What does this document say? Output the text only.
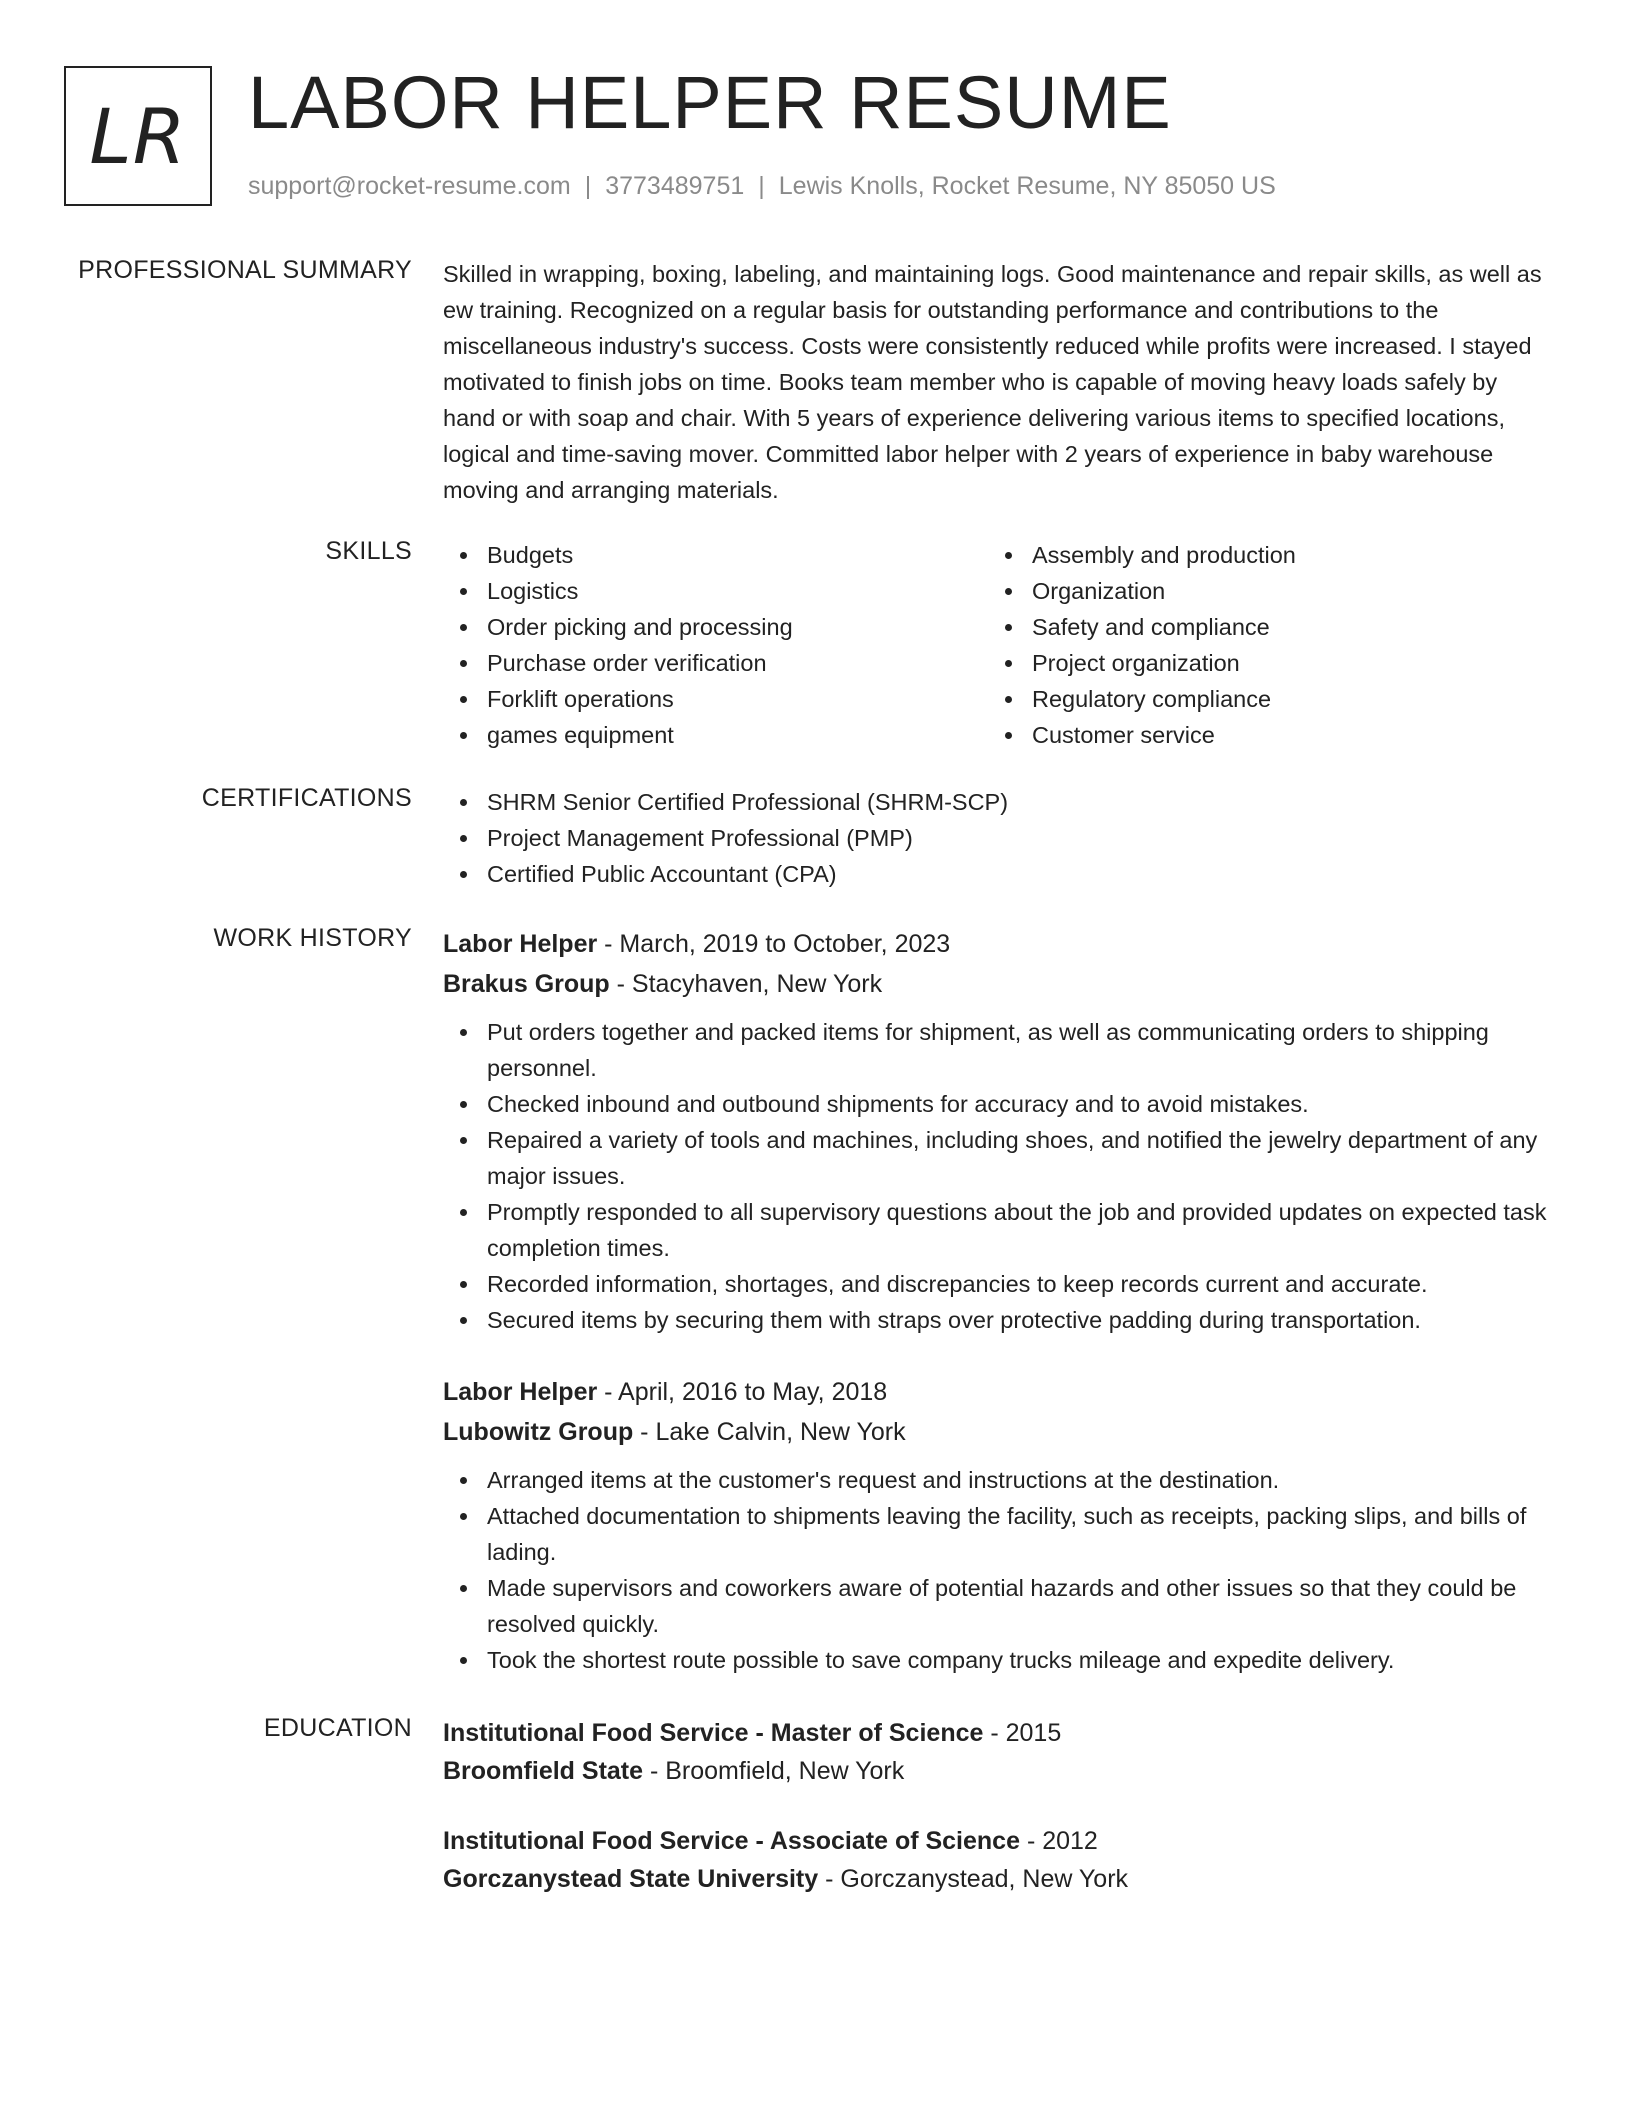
LR LABOR HELPER RESUME
support@rocket-resume.com | 3773489751 | Lewis Knolls, Rocket Resume, NY 85050 US
PROFESSIONAL SUMMARY Skilled in wrapping, boxing, labeling, and maintaining logs. Good maintenance and repair skills, as well as ew training. Recognized on a regular basis for outstanding performance and contributions to the miscellaneous industry's success. Costs were consistently reduced while profits were increased. I stayed motivated to finish jobs on time. Books team member who is capable of moving heavy loads safely by hand or with soap and chair. With 5 years of experience delivering various items to specified locations, logical and time-saving mover. Committed labor helper with 2 years of experience in baby warehouse moving and arranging materials.

SKILLS	Budgets
Logistics
Order picking and processing
Purchase order verification
Forklift operations
games equipment
Assembly and production
Organization
Safety and compliance
Project organization
Regulatory compliance
Customer service
CERTIFICATIONS	SHRM Senior Certified Professional (SHRM-SCP)
Project Management Professional (PMP)
Certified Public Accountant (CPA)
WORK HISTORY Labor Helper - March, 2019 to October, 2023
Brakus Group - Stacyhaven, New York
Put orders together and packed items for shipment, as well as communicating orders to shipping personnel.
Checked inbound and outbound shipments for accuracy and to avoid mistakes.
Repaired a variety of tools and machines, including shoes, and notified the jewelry department of any major issues.
Promptly responded to all supervisory questions about the job and provided updates on expected task completion times.
Recorded information, shortages, and discrepancies to keep records current and accurate.
Secured items by securing them with straps over protective padding during transportation.
Labor Helper - April, 2016 to May, 2018
Lubowitz Group - Lake Calvin, New York
Arranged items at the customer's request and instructions at the destination.
Attached documentation to shipments leaving the facility, such as receipts, packing slips, and bills of lading.
Made supervisors and coworkers aware of potential hazards and other issues so that they could be resolved quickly.
Took the shortest route possible to save company trucks mileage and expedite delivery.
EDUCATION Institutional Food Service - Master of Science - 2015
Broomfield State - Broomfield, New York
Institutional Food Service - Associate of Science - 2012
Gorczanystead State University - Gorczanystead, New York
